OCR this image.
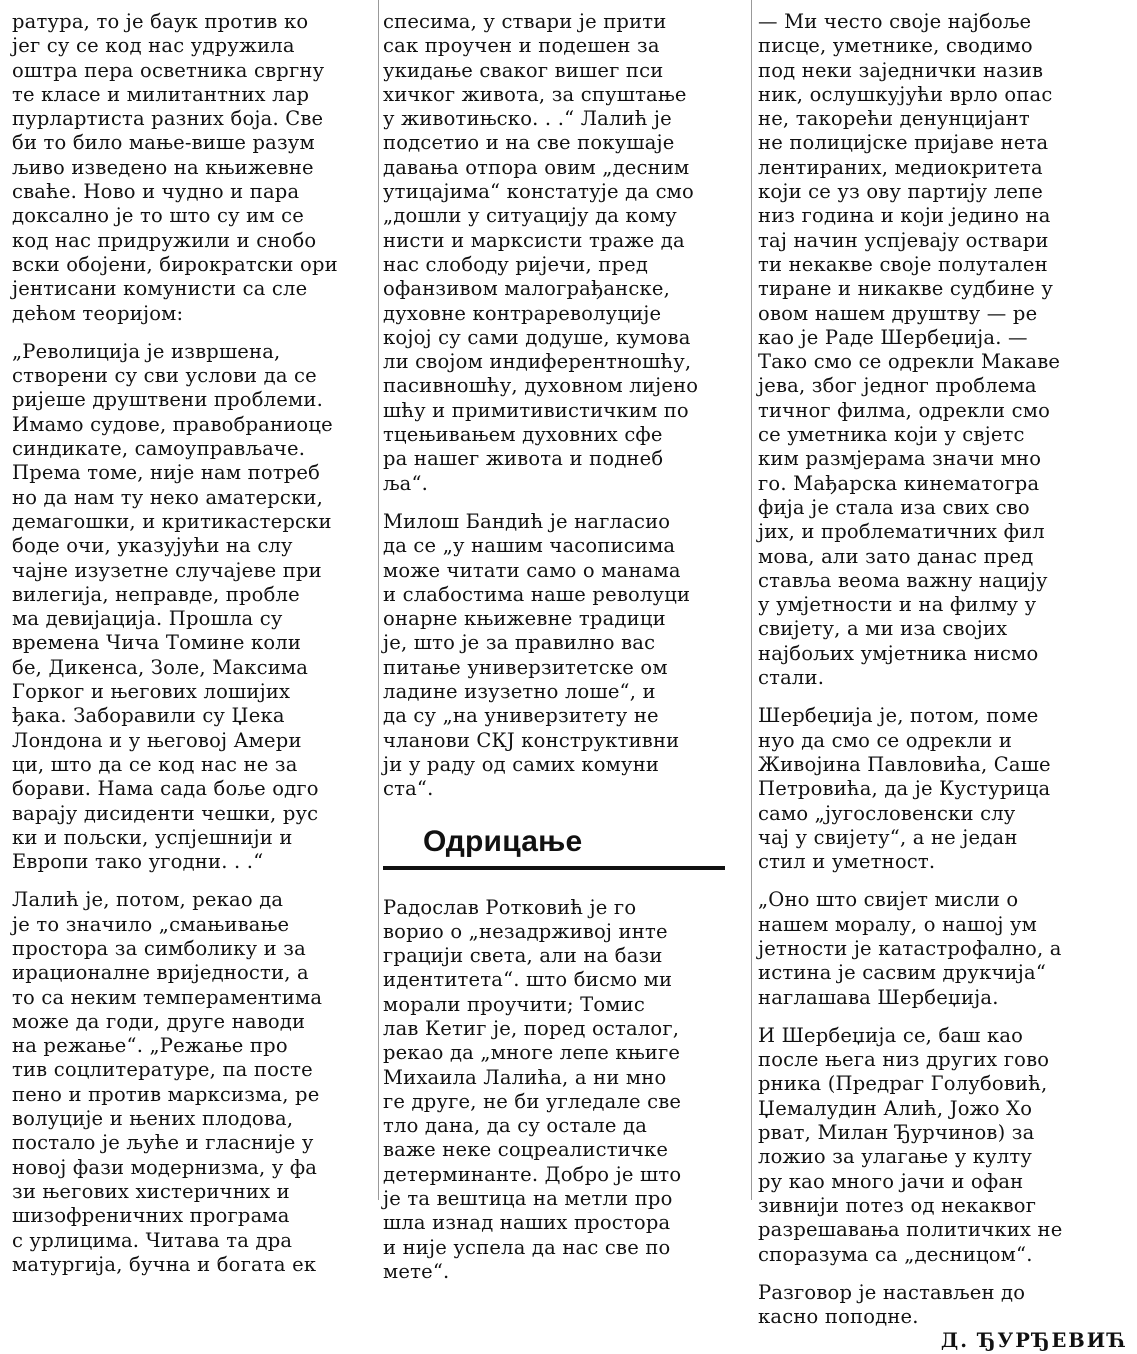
ратура, то је баук против ко
јег су се код нас удружила
оштра пера осветника свргну
те класе и милитантних лар
пурлартиста разних боја. Све
би то било мање-више разум
љиво изведено на књижевне
сваће. Ново и чудно и пара
доксално је то што су им се
код нас придружили и снобо
вски обојени, бирократски ори
јентисани комунисти са сле
дећом теоријом:

„Револиција је извршена,
створени су сви услови да се
ријеше друштвени проблеми.
Имамо судове, правобраниоце
синдикате, самоуправљаче.
Према томе, није нам потреб
но да нам ту неко аматерски,
демагошки, и критикастерски
боде очи, указујући на слу
чајне изузетне случајеве при
вилегија, неправде, пробле
ма девијација. Прошла су
времена Чича Томине коли
бе, Дикенса, Золе, Максима
Горког и његових лошијих
ђака. Заборавили су Џека
Лондона и у његовој Амери
ци, што да се код нас не за
борави. Нама сада боље одго
варају дисиденти чешки, рус
ки и пољски, успјешнији и
Европи тако угодни. . .“

Лалић је, потом, рекао да
је то значило „смањивање
простора за симболику и за
ирационалне вриједности, а
то са неким темпераментима
може да годи, друге наводи
на режање“. „Режање про
тив соцлитературе, па посте
пено и против марксизма, ре
волуције и њених плодова,
постало је љуће и гласније у
новој фази модернизма, у фа
зи његових хистеричних и
шизофреничних програма
с урлицима. Читава та дра
матургија, бучна и богата ек

спесима, у ствари је прити
сак проучен и подешен за
укидање сваког вишег пси
хичког живота, за спуштање
у животињско. . .“ Лалић је
подсетио и на све покушаје
давања отпора овим „десним
утицајима“ констатује да смо
„дошли у ситуацију да кому
нисти и марксисти траже да
нас слободу ријечи, пред
офанзивом малограђанске,
духовне контрареволуције
којој су сами додуше, кумова
ли својом индиферентношћу,
пасивношћу, духовном лијено
шћу и примитивистичким по
тцењивањем духовних сфе
ра нашег живота и поднеб
ља“.

Милош Бандић је нагласио
да се „у нашим часописима
може читати само о манама
и слабостима наше револуци
онарне књижевне традици
је, што је за правилно вас
питање универзитетске ом
ладине изузетно лоше“, и
да су „на универзитету не
чланови СКЈ конструктивни
ји у раду од самих комуни
ста“.

Одрицање

Радослав Ротковић је го
ворио о „незадрживој инте
грацији света, али на бази
идентитета“. што бисмо ми
морали проучити; Томис
лав Кетиг је, поред осталог,
рекао да „многе лепе књиге
Михаила Лалића, а ни мно
ге друге, не би угледале све
тло дана, да су остале да
важе неке соцреалистичке
детерминанте. Добро је што
је та вештица на метли про
шла изнад наших простора
и није успела да нас све по
мете“.

— Ми често своје најбоље
писце, уметнике, сводимо
под неки заједнички назив
ник, ослушкујући врло опас
не, такорећи денунцијант
не полицијске пријаве нета
лентираних, медиокритета
који се уз ову партију лепе
низ година и који једино на
тај начин успјевају оствари
ти некакве своје полутален
тиране и никакве судбине у
овом нашем друштву — ре
као је Раде Шербеџија. —
Тако смо се одрекли Макаве
јева, због једног проблема
тичног филма, одрекли смо
се уметника који у свјетс
ким размјерама значи мно
го. Мађарска кинематогра
фија је стала иза свих сво
јих, и проблематичних фил
мова, али зато данас пред
ставља веома важну нацију
у умјетности и на филму у
свијету, а ми иза својих
најбољих умјетника нисмо
стали.

Шербеџија је, потом, поме
нуо да смо се одрекли и
Живојина Павловића, Саше
Петровића, да је Кустурица
само „југословенски слу
чај у свијету“, а не један
стил и уметност.

„Оно што свијет мисли о
нашем моралу, о нашој ум
јетности је катастрофално, а
истина је сасвим друкчија“
наглашава Шербеџија.

И Шербеџија се, баш као
после њега низ других гово
рника (Предраг Голубовић,
Џемалудин Алић, Јожо Хо
рват, Милан Ђурчинов) за
ложио за улагање у култу
ру као много јачи и офан
зивнији потез од некаквог
разрешавања политичких не
споразума са „десницом“.

Разговор је настављен до
касно поподне.

Д. ЂУРЂЕВИЋ
